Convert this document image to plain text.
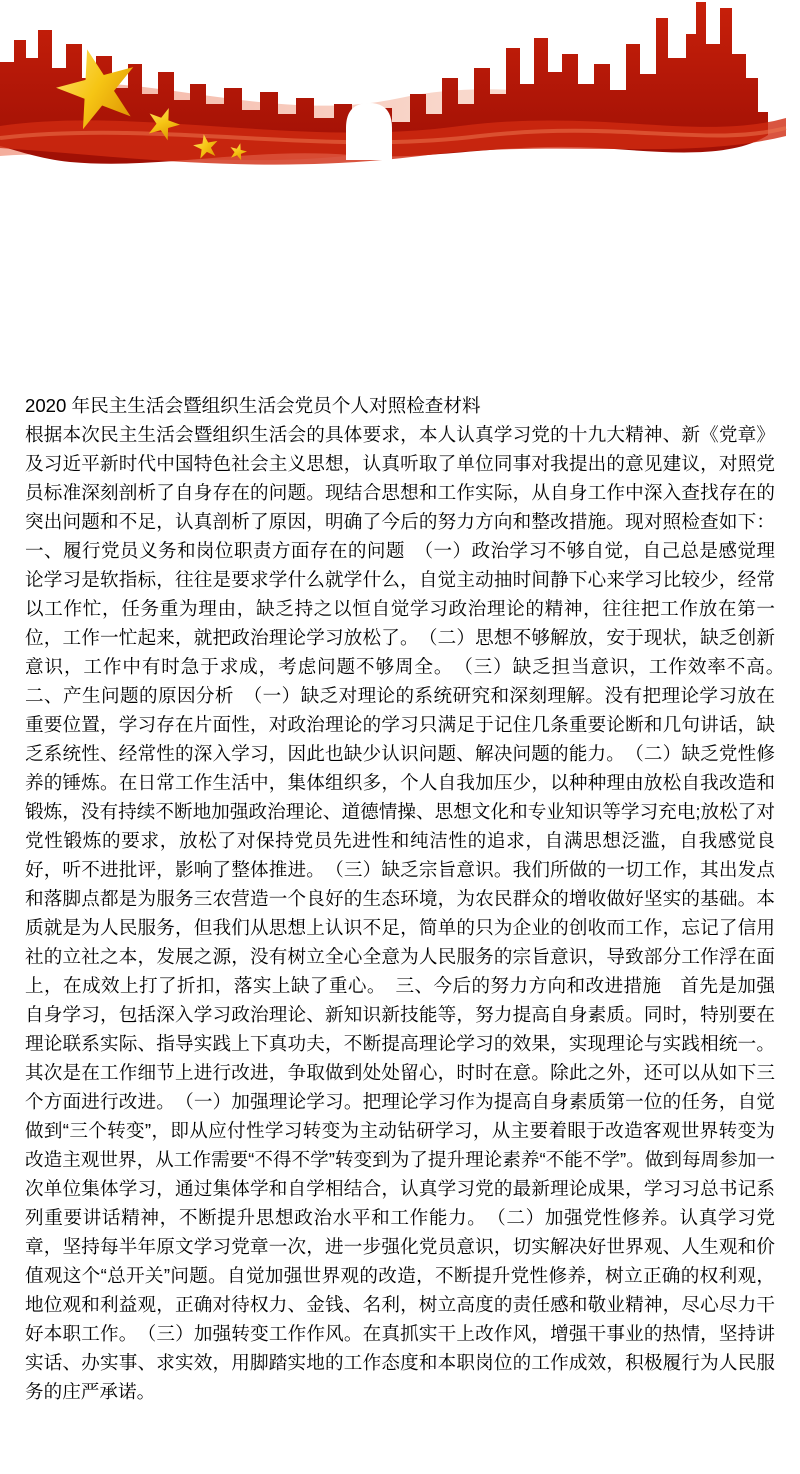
2020 年民主生活会暨组织生活会党员个人对照检查材料

根据本次民主生活会暨组织生活会的具体要求，本人认真学习党的十九大精神、新《党章》及习近平新时代中国特色社会主义思想，认真听取了单位同事对我提出的意见建议，对照党员标准深刻剖析了自身存在的问题。现结合思想和工作实际，从自身工作中深入查找存在的突出问题和不足，认真剖析了原因，明确了今后的努力方向和整改措施。现对照检查如下：一、履行党员义务和岗位职责方面存在的问题　（一）政治学习不够自觉，自己总是感觉理论学习是软指标，往往是要求学什么就学什么，自觉主动抽时间静下心来学习比较少，经常以工作忙，任务重为理由，缺乏持之以恒自觉学习政治理论的精神，往往把工作放在第一位，工作一忙起来，就把政治理论学习放松了。　（二）思想不够解放，安于现状，缺乏创新意识，工作中有时急于求成，考虑问题不够周全。　（三）缺乏担当意识，工作效率不高。　二、产生问题的原因分析　（一）缺乏对理论的系统研究和深刻理解。没有把理论学习放在重要位置，学习存在片面性，对政治理论的学习只满足于记住几条重要论断和几句讲话，缺乏系统性、经常性的深入学习，因此也缺少认识问题、解决问题的能力。　（二）缺乏党性修养的锤炼。在日常工作生活中，集体组织多，个人自我加压少，以种种理由放松自我改造和锻炼，没有持续不断地加强政治理论、道德情操、思想文化和专业知识等学习充电;放松了对党性锻炼的要求，放松了对保持党员先进性和纯洁性的追求，自满思想泛滥，自我感觉良好，听不进批评，影响了整体推进。　（三）缺乏宗旨意识。我们所做的一切工作，其出发点和落脚点都是为服务三农营造一个良好的生态环境，为农民群众的增收做好坚实的基础。本质就是为人民服务，但我们从思想上认识不足，简单的只为企业的创收而工作，忘记了信用社的立社之本，发展之源，没有树立全心全意为人民服务的宗旨意识，导致部分工作浮在面上，在成效上打了折扣，落实上缺了重心。　三、今后的努力方向和改进措施　首先是加强自身学习，包括深入学习政治理论、新知识新技能等，努力提高自身素质。同时，特别要在理论联系实际、指导实践上下真功夫，不断提高理论学习的效果，实现理论与实践相统一。其次是在工作细节上进行改进，争取做到处处留心，时时在意。除此之外，还可以从如下三个方面进行改进。　（一）加强理论学习。把理论学习作为提高自身素质第一位的任务，自觉做到“三个转变”，即从应付性学习转变为主动钻研学习，从主要着眼于改造客观世界转变为改造主观世界，从工作需要“不得不学”转变到为了提升理论素养“不能不学”。做到每周参加一次单位集体学习，通过集体学和自学相结合，认真学习党的最新理论成果，学习习总书记系列重要讲话精神，不断提升思想政治水平和工作能力。　（二）加强党性修养。认真学习党章，坚持每半年原文学习党章一次，进一步强化党员意识，切实解决好世界观、人生观和价值观这个“总开关”问题。自觉加强世界观的改造，不断提升党性修养，树立正确的权利观，地位观和利益观，正确对待权力、金钱、名利，树立高度的责任感和敬业精神，尽心尽力干好本职工作。　（三）加强转变工作作风。在真抓实干上改作风，增强干事业的热情，坚持讲实话、办实事、求实效，用脚踏实地的工作态度和本职岗位的工作成效，积极履行为人民服务的庄严承诺。
